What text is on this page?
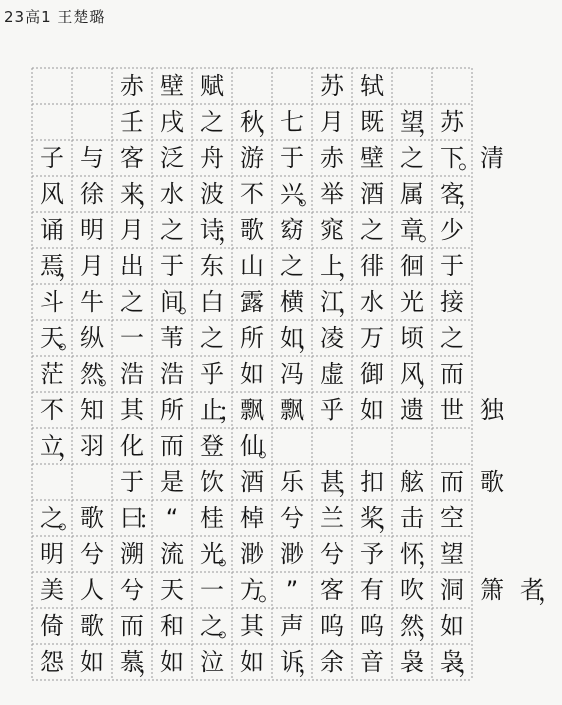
23高1 王楚璐

赤 壁 赋

　	苏 轼

壬 戌 之 秋
，
七 月 既 望
，
苏
子 与 客 泛 舟 游 于 赤 壁 之 下
。
清
风 徐 来
，
水 波 不 兴
。
举 酒 属 客
，
诵 明 月 之 诗
，
歌 窈 窕 之 章
。
少
焉
，
月 出 于 东 山 之 上
，
徘 徊 于
斗 牛 之 间
。
白 露 横 江
，
水 光 接
天
。
纵 一 苇 之 所 如
，
凌 万 顷 之
茫 然
。
浩 浩 乎 如 冯 虚 御 风
，
而
不 知 其 所 止
；
飘 飘 乎 如 遗 世 独
立
，
羽 化 而 登 仙
。

于 是 饮 酒 乐 甚
，
扣 舷 而 歌
之
。
歌 曰
： “ 桂 棹 兮 兰 桨
，
击 空
明 兮 溯 流 光
。
渺 渺 兮 予 怀
，
望
美 人 兮 天 一 方
。 ” 客 有 吹 洞 箫 者
，
倚 歌 而 和 之
。
其 声 呜 呜 然
，
如
怨 如 慕
，
如 泣 如 诉
，
余 音 袅 袅
，
